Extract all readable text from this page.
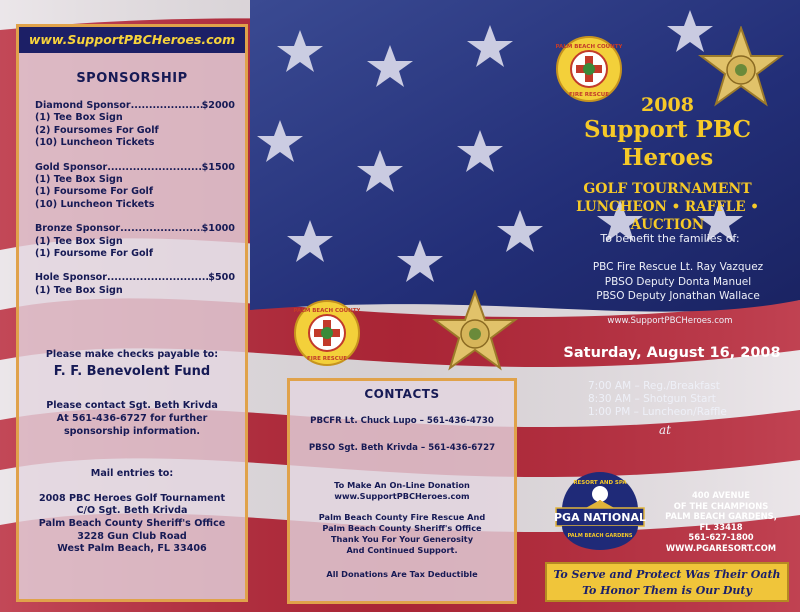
www.SupportPBCHeroes.com
SPONSORSHIP
Diamond Sponsor .....	$2000
(1) Tee Box Sign
(2) Foursomes For Golf
(10) Luncheon Tickets
Gold Sponsor .....	$1500
(1) Tee Box Sign
(1) Foursome For Golf
(10) Luncheon Tickets
Bronze Sponsor .....	$1000
(1) Tee Box Sign
(1) Foursome For Golf
Hole Sponsor .....	$500
(1) Tee Box Sign
Please make checks payable to:
F. F. Benevolent Fund
Please contact Sgt. Beth Krivda
At 561-436-6727 for further
sponsorship information.
Mail entries to:
2008 PBC Heroes Golf Tournament
C/O Sgt. Beth Krivda
Palm Beach County Sheriff's Office
3228 Gun Club Road
West Palm Beach, FL 33406
CONTACTS
PBCFR Lt. Chuck Lupo – 561-436-4730
PBSO Sgt. Beth Krivda – 561-436-6727
To Make An On-Line Donation
www.SupportPBCHeroes.com
Palm Beach County Fire Rescue And
Palm Beach County Sheriff's Office
Thank You For Your Generosity
And Continued Support.
All Donations Are Tax Deductible
PALM BEACH COUNTY
FIRE RESCUE
PALM BEACH COUNTY
FIRE RESCUE
2008
Support PBC Heroes
GOLF TOURNAMENT
LUNCHEON • RAFFLE • AUCTION
To benefit the families of:
PBC Fire Rescue Lt. Ray Vazquez
PBSO Deputy Donta Manuel
PBSO Deputy Jonathan Wallace
www.SupportPBCHeroes.com
Saturday, August 16, 2008
7:00 AM – Reg./Breakfast
8:30 AM – Shotgun Start
1:00 PM – Luncheon/Raffle
at
RESORT AND SPA
PGA NATIONAL
PALM BEACH GARDENS
400 AVENUE
OF THE CHAMPIONS
PALM BEACH GARDENS,
FL 33418
561-627-1800
WWW.PGARESORT.COM
To Serve and Protect Was Their Oath
To Honor Them is Our Duty
